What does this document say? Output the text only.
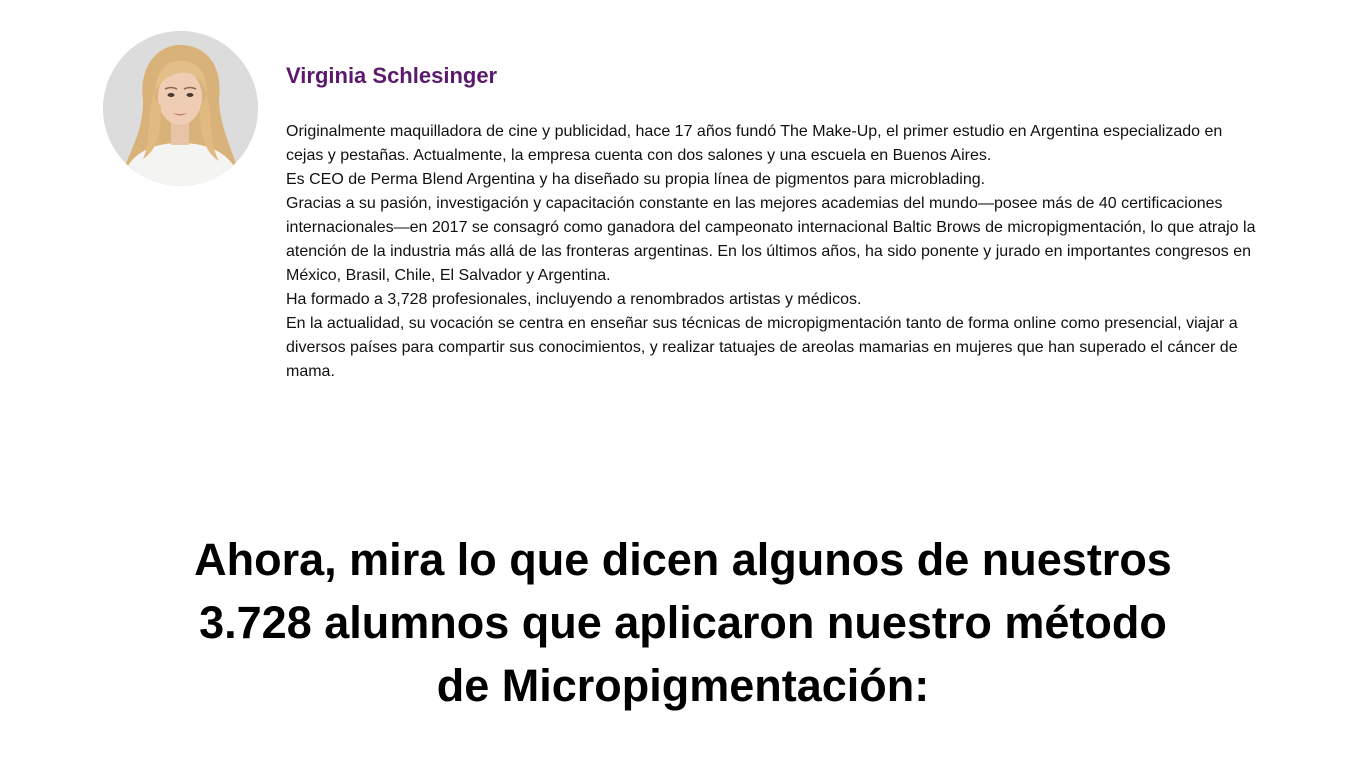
Virginia Schlesinger

Originalmente maquilladora de cine y publicidad, hace 17 años fundó The Make-Up, el primer estudio en Argentina especializado en cejas y pestañas. Actualmente, la empresa cuenta con dos salones y una escuela en Buenos Aires.

Es CEO de Perma Blend Argentina y ha diseñado su propia línea de pigmentos para microblading.

Gracias a su pasión, investigación y capacitación constante en las mejores academias del mundo—posee más de 40 certificaciones internacionales—en 2017 se consagró como ganadora del campeonato internacional Baltic Brows de micropigmentación, lo que atrajo la atención de la industria más allá de las fronteras argentinas. En los últimos años, ha sido ponente y jurado en importantes congresos en México, Brasil, Chile, El Salvador y Argentina.

Ha formado a 3,728 profesionales, incluyendo a renombrados artistas y médicos.

En la actualidad, su vocación se centra en enseñar sus técnicas de micropigmentación tanto de forma online como presencial, viajar a diversos países para compartir sus conocimientos, y realizar tatuajes de areolas mamarias en mujeres que han superado el cáncer de mama.

Ahora, mira lo que dicen algunos de nuestros 3.728 alumnos que aplicaron nuestro método de Micropigmentación:
